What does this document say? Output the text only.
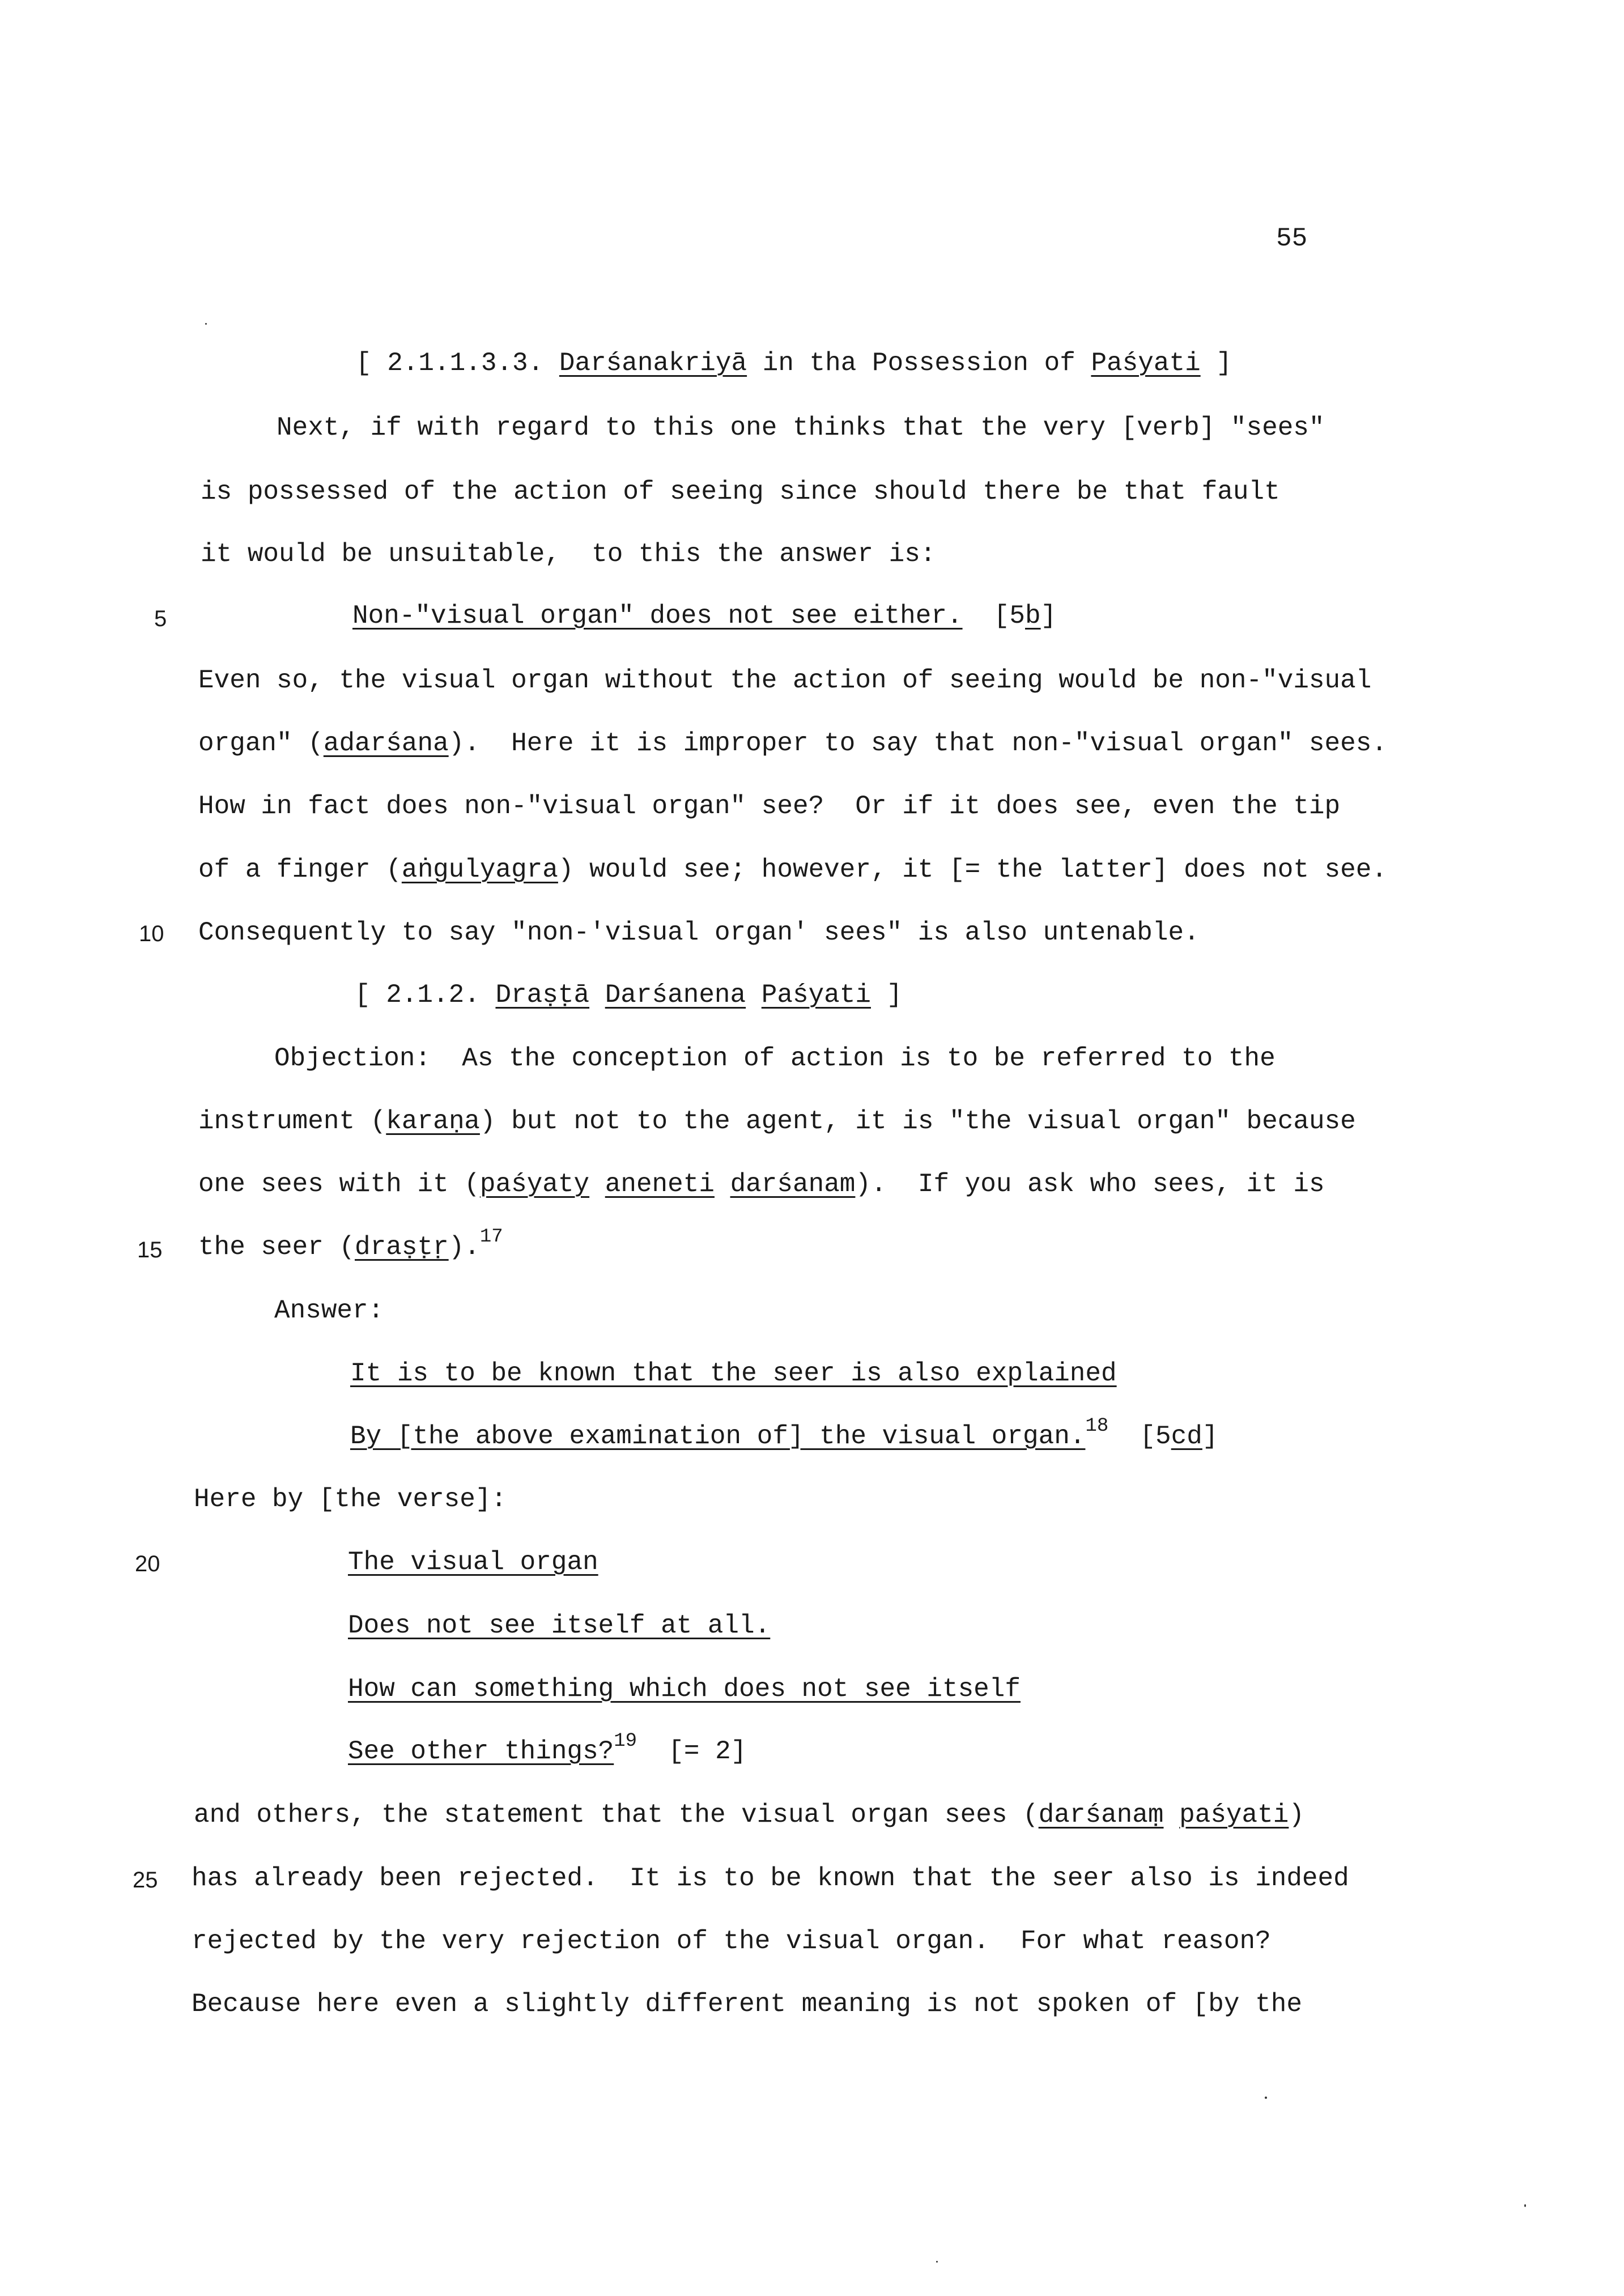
55
[ 2.1.1.3.3. Darśanakriyā in tha Possession of Paśyati ]
Next, if with regard to this one thinks that the very [verb] "sees"
is possessed of the action of seeing since should there be that fault
it would be unsuitable,  to this the answer is:
5	Non-"visual organ" does not see either. [5b]
Even so, the visual organ without the action of seeing would be non-"visual
organ" (adarśana).  Here it is improper to say that non-"visual organ" sees.
How in fact does non-"visual organ" see?  Or if it does see, even the tip
of a finger (aṅgulyagra) would see; however, it [= the latter] does not see.
10 Consequently to say "non-'visual organ' sees" is also untenable.
[ 2.1.2. Draṣṭā Darśanena Paśyati ]
Objection:  As the conception of action is to be referred to the
instrument (karaṇa) but not to the agent, it is "the visual organ" because
one sees with it (paśyaty aneneti darśanam).  If you ask who sees, it is
15 the seer (draṣṭṛ).$^{17}$
Answer:
It is to be known that the seer is also explained
By [the above examination of] the visual organ.$^{18}$ [5cd]
Here by [the verse]:
20	The visual organ
Does not see itself at all.
How can something which does not see itself
See other things?$^{19}$ [= 2]
and others, the statement that the visual organ sees (darśanaṃ paśyati)
25 has already been rejected.  It is to be known that the seer also is indeed
rejected by the very rejection of the visual organ.  For what reason?
Because here even a slightly different meaning is not spoken of [by the
